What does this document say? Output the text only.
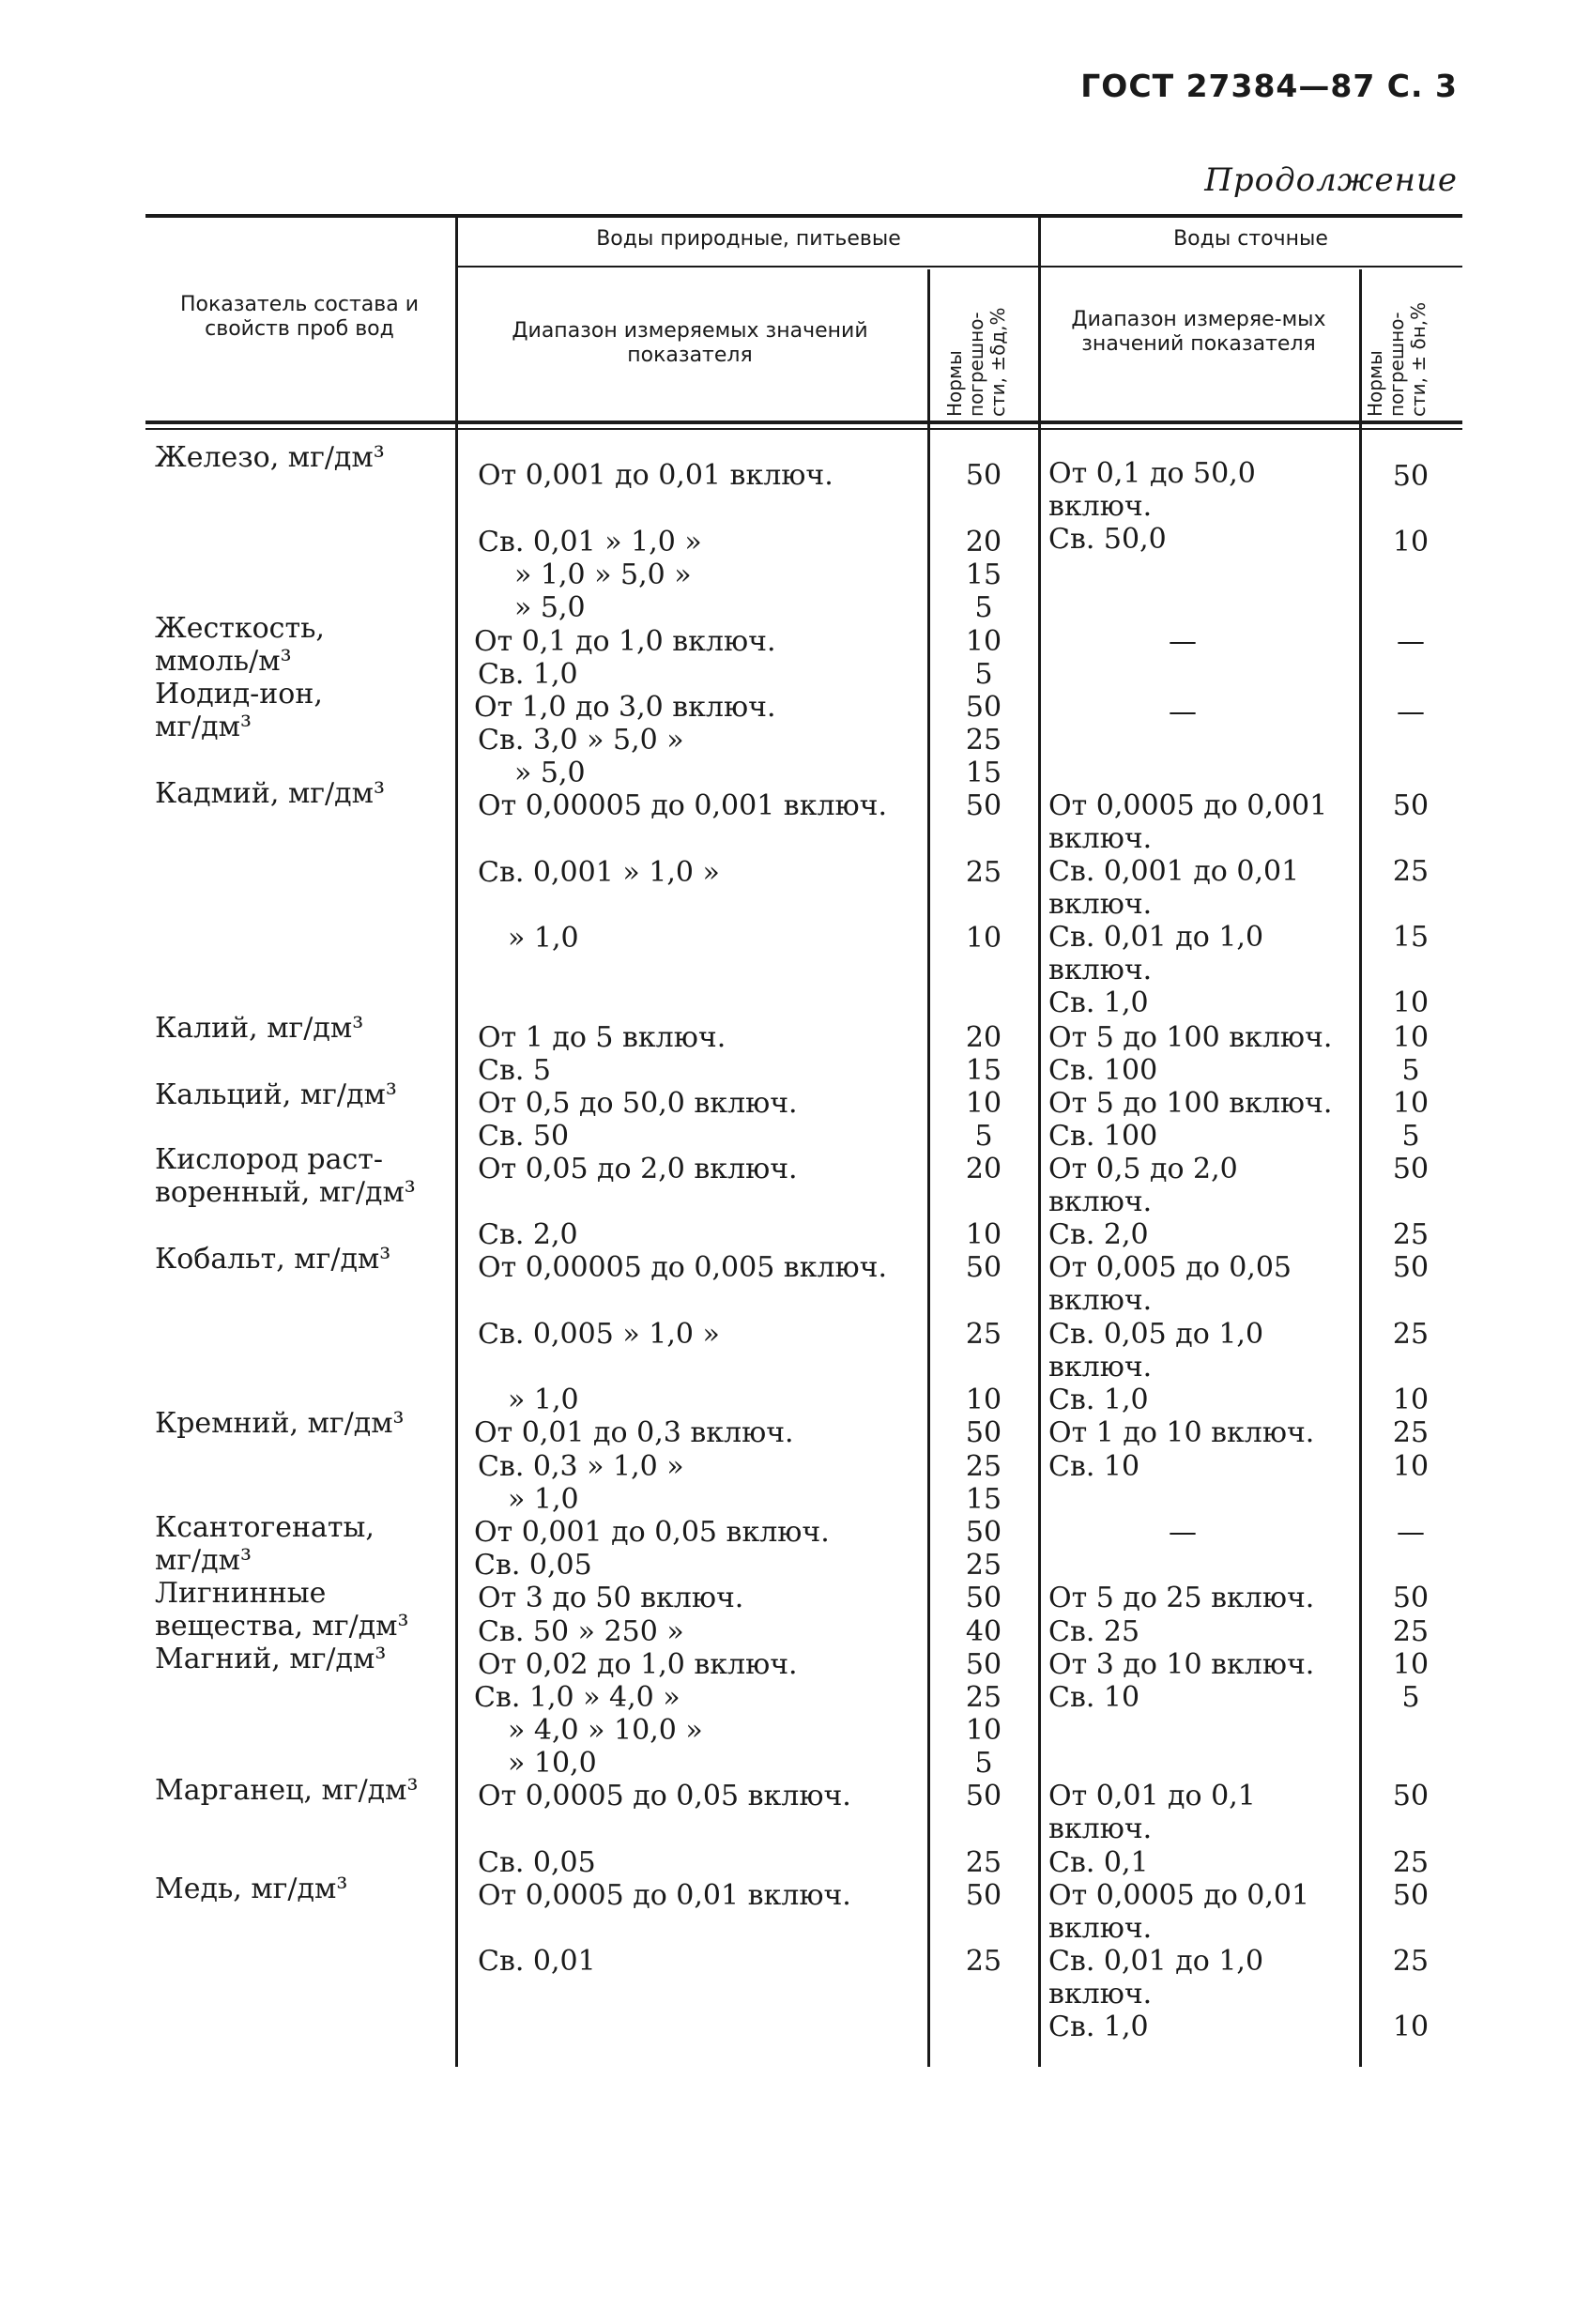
ГОСТ 27384—87 С. 3
Продолжение
Показатель состава и свойств проб вод
Воды природные, питьевые	Воды сточные
Диапазон измеряемых значений показателя
Диапазон измеряе-мых значений показателя
Нормы погрешно- сти, ±δд,%	Нормы погрешно- сти, ± δн,%
Железо, мг/дм³
Жесткость,
ммоль/м³
Иодид-ион,
мг/дм³
Кадмий, мг/дм³
Калий, мг/дм³
Кальций, мг/дм³
Кислород раст-
воренный, мг/дм³
Кобальт, мг/дм³
Кремний, мг/дм³
Ксантогенаты,
мг/дм³
Лигнинные
вещества, мг/дм³
Магний, мг/дм³
Марганец, мг/дм³
Медь, мг/дм³
От 0,001 до 0,01 включ.
Св. 0,01 » 1,0 »
» 1,0 » 5,0 »
» 5,0
От 0,1 до 1,0 включ.
Св. 1,0
От 1,0 до 3,0 включ.
Св. 3,0 » 5,0 »
» 5,0
От 0,00005 до 0,001 включ.
Св. 0,001 » 1,0 »
» 1,0
От 1 до 5 включ.
Св. 5
От 0,5 до 50,0 включ.
Св. 50
От 0,05 до 2,0 включ.
Св. 2,0
От 0,00005 до 0,005 включ.
Св. 0,005 » 1,0 »
» 1,0
От 0,01 до 0,3 включ.
Св. 0,3 » 1,0 »
» 1,0
От 0,001 до 0,05 включ.
Св. 0,05
От 3 до 50 включ.
Св. 50 » 250 »
От 0,02 до 1,0 включ.
Св. 1,0 » 4,0 »
» 4,0 » 10,0 »
» 10,0
От 0,0005 до 0,05 включ.
Св. 0,05
От 0,0005 до 0,01 включ.
Св. 0,01
50
20
15
5
10
5
50
25
15
50
25
10
20
15
10
5
20
10
50
25
10
50
25
15
50
25
50
40
50
25
10
5
50
25
50
25
От 0,1 до 50,0
включ.
Св. 50,0
—
—
От 0,0005 до 0,001
включ.
Св. 0,001 до 0,01
включ.
Св. 0,01 до 1,0
включ.
Св. 1,0
От 5 до 100 включ.
Св. 100
От 5 до 100 включ.
Св. 100
От 0,5 до 2,0
включ.
Св. 2,0
От 0,005 до 0,05
включ.
Св. 0,05 до 1,0
включ.
Св. 1,0
От 1 до 10 включ.
Св. 10
—
От 5 до 25 включ.
Св. 25
От 3 до 10 включ.
Св. 10
От 0,01 до 0,1
включ.
Св. 0,1
От 0,0005 до 0,01
включ.
Св. 0,01 до 1,0
включ.
Св. 1,0
50
10
—
—
50
25
15
10
10
5
10
5
50
25
50
25
10
25
10
—
50
25
10
5
50
25
50
25
10
